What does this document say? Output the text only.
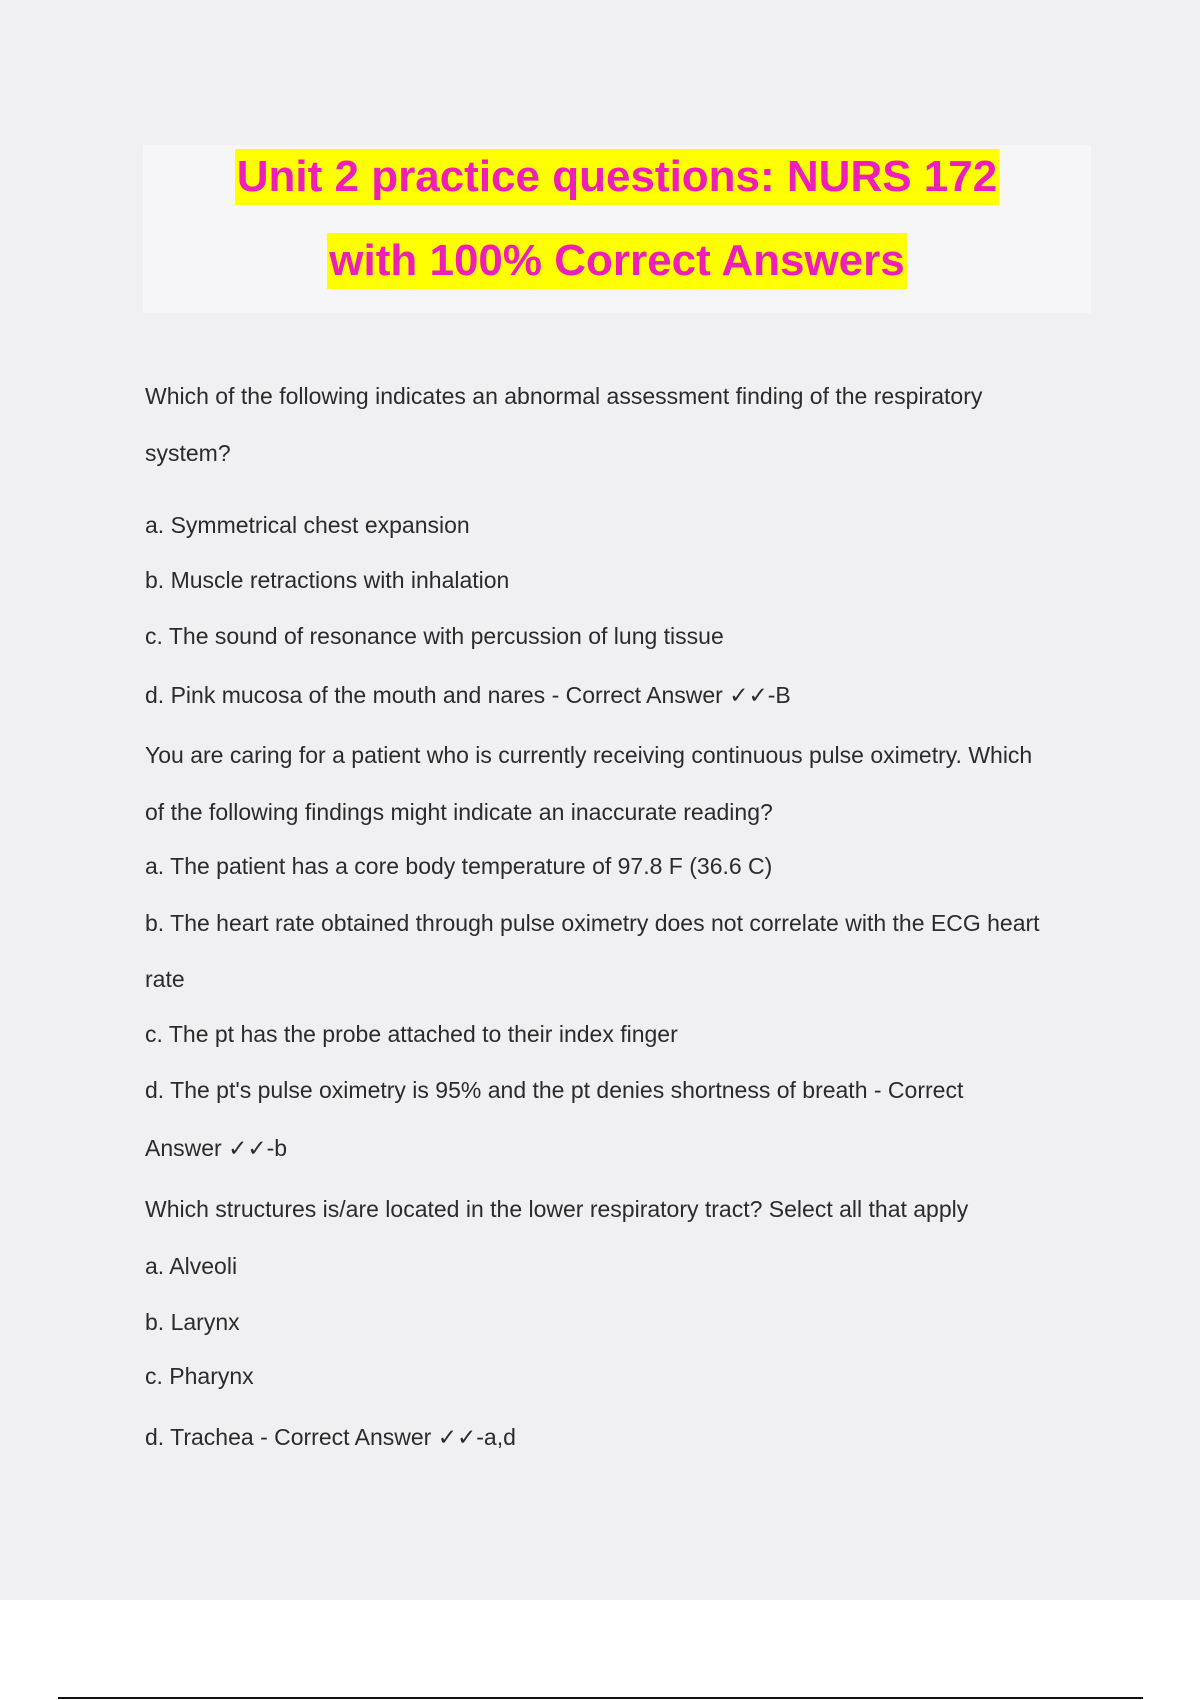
Unit 2 practice questions: NURS 172
with 100% Correct Answers
Which of the following indicates an abnormal assessment finding of the respiratory
system?
a. Symmetrical chest expansion
b. Muscle retractions with inhalation
c. The sound of resonance with percussion of lung tissue
d. Pink mucosa of the mouth and nares - Correct Answer ✓✓-B
You are caring for a patient who is currently receiving continuous pulse oximetry. Which
of the following findings might indicate an inaccurate reading?
a. The patient has a core body temperature of 97.8 F (36.6 C)
b. The heart rate obtained through pulse oximetry does not correlate with the ECG heart
rate
c. The pt has the probe attached to their index finger
d. The pt's pulse oximetry is 95% and the pt denies shortness of breath - Correct
Answer ✓✓-b
Which structures is/are located in the lower respiratory tract? Select all that apply
a. Alveoli
b. Larynx
c. Pharynx
d. Trachea - Correct Answer ✓✓-a,d
